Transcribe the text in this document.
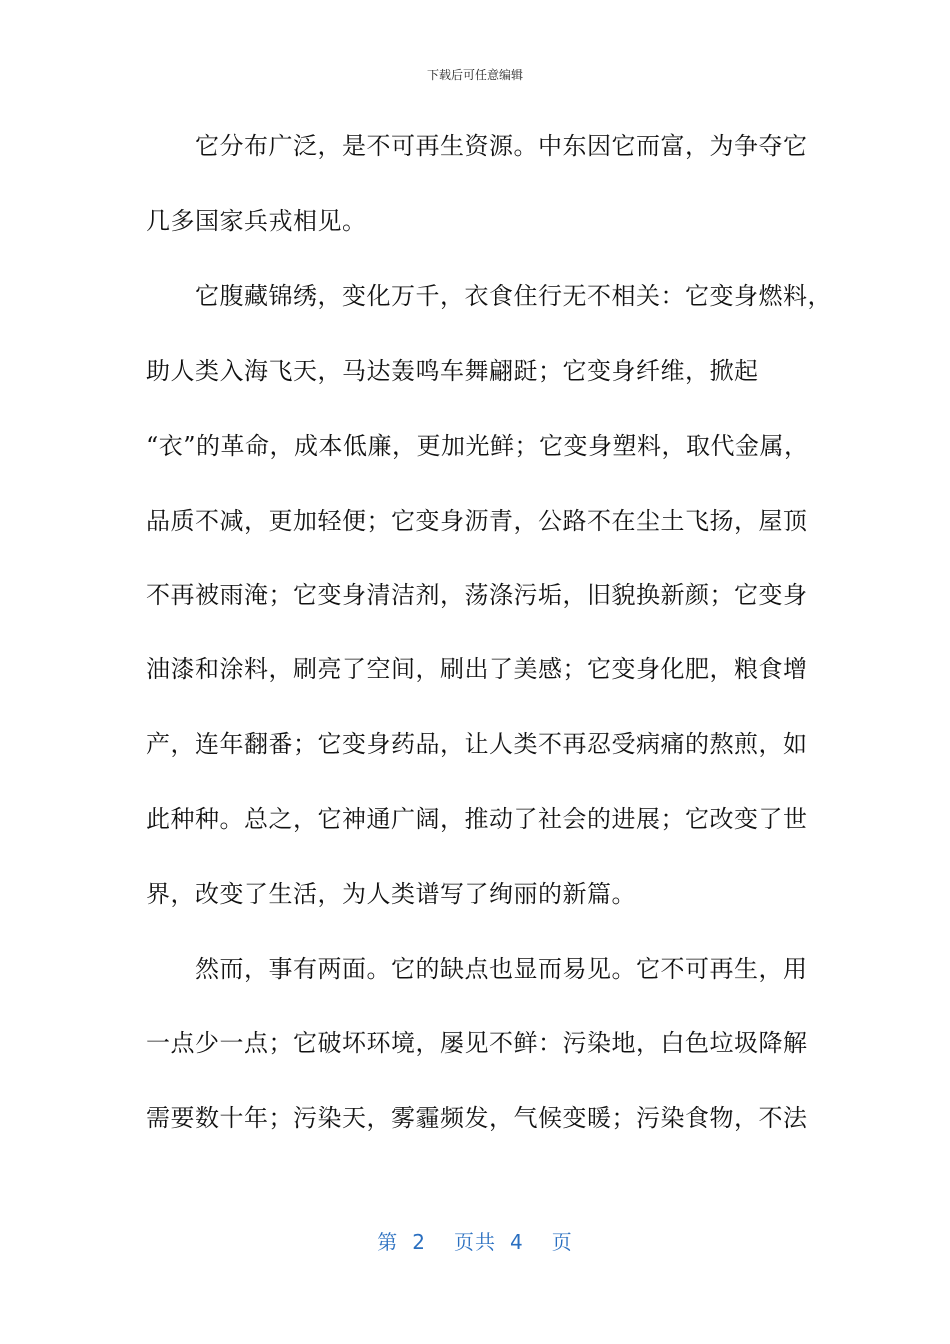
下载后可任意编辑
　　它分布广泛，是不可再生资源。中东因它而富，为争夺它
几多国家兵戎相见。
　　它腹藏锦绣，变化万千，衣食住行无不相关：它变身燃料，
助人类入海飞天，马达轰鸣车舞翩跹；它变身纤维，掀起
“衣”的革命，成本低廉，更加光鲜；它变身塑料，取代金属，
品质不减，更加轻便；它变身沥青，公路不在尘土飞扬，屋顶
不再被雨淹；它变身清洁剂，荡涤污垢，旧貌换新颜；它变身
油漆和涂料，刷亮了空间，刷出了美感；它变身化肥，粮食增
产，连年翻番；它变身药品，让人类不再忍受病痛的熬煎，如
此种种。总之，它神通广阔，推动了社会的进展；它改变了世
界，改变了生活，为人类谱写了绚丽的新篇。
　　然而，事有两面。它的缺点也显而易见。它不可再生，用
一点少一点；它破坏环境，屡见不鲜：污染地，白色垃圾降解
需要数十年；污染天，雾霾频发，气候变暖；污染食物，不法
第 2 页共 4 页
